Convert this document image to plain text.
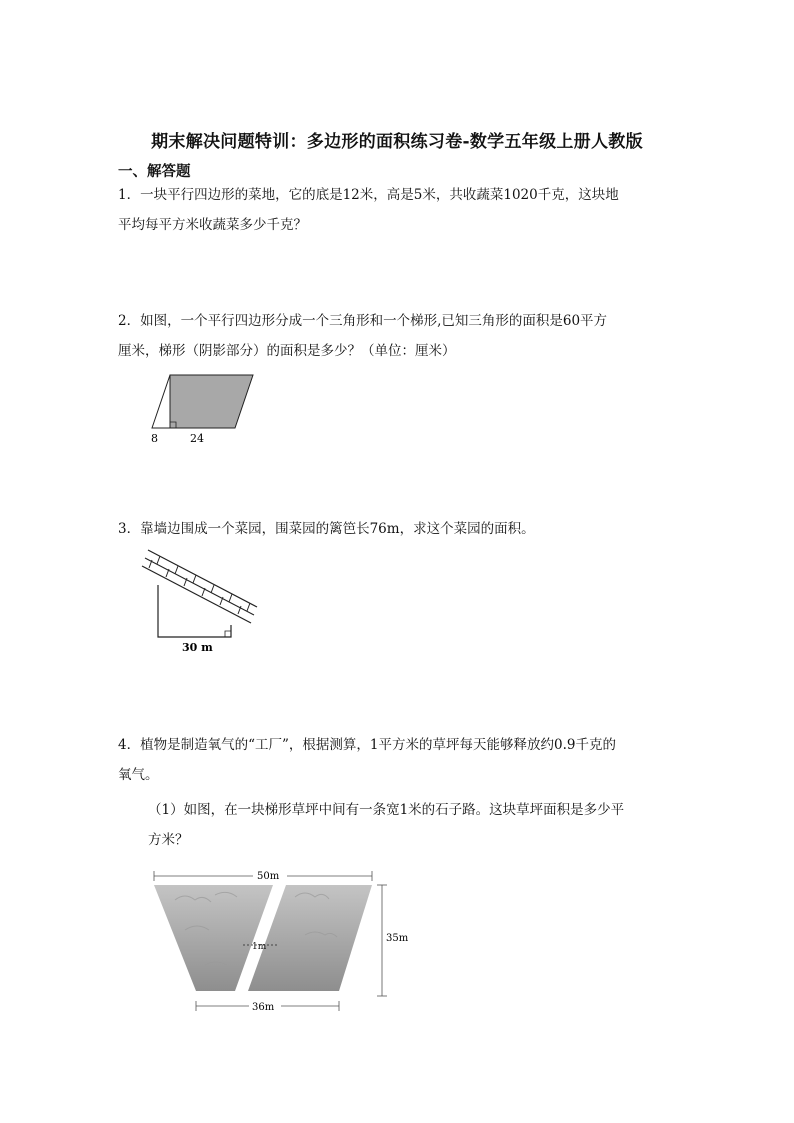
期末解决问题特训：多边形的面积练习卷-数学五年级上册人教版
一、解答题
1．一块平行四边形的菜地，它的底是12米，高是5米，共收蔬菜1020千克，这块地
平均每平方米收蔬菜多少千克？
2．如图，一个平行四边形分成一个三角形和一个梯形,已知三角形的面积是60平方
厘米，梯形（阴影部分）的面积是多少？（单位：厘米）
8	24
3．靠墙边围成一个菜园，围菜园的篱笆长76m，求这个菜园的面积。
30 m
4．植物是制造氧气的“工厂”，根据测算，1平方米的草坪每天能够释放约0.9千克的
氧气。
（1）如图，在一块梯形草坪中间有一条宽1米的石子路。这块草坪面积是多少平
方米？
50m
1m
35m
36m
